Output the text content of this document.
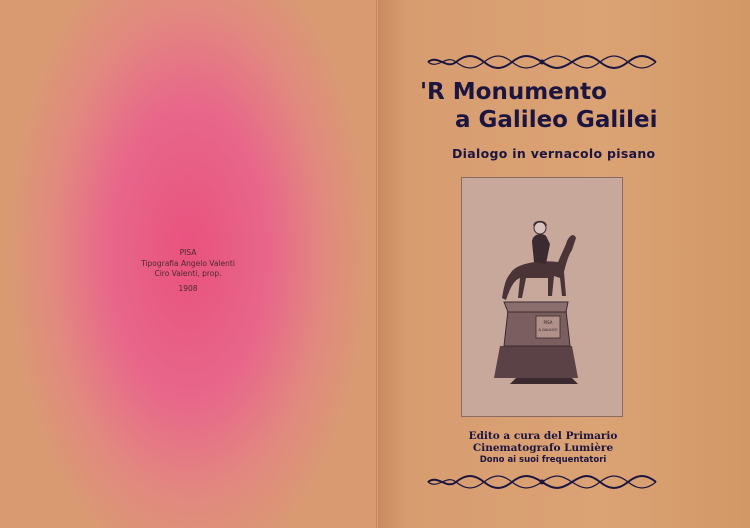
PISA
Tipografia Angelo Valenti
Ciro Valenti, prop.
1908
'R Monumento
a Galileo Galilei
Dialogo in vernacolo pisano
PISA
A GALILEO
Edito a cura del Primario Cinematografo Lumière
Dono ai suoi frequentatori
